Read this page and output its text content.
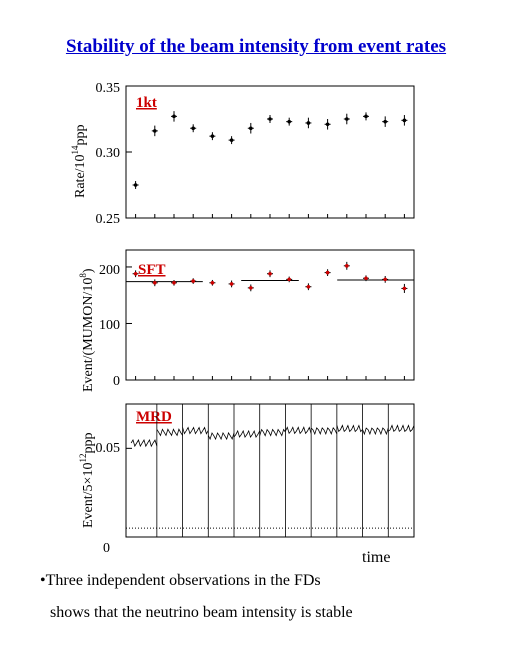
Stability of the beam intensity from event rates
1kt
0.25
0.30
0.35
Rate/$10^{14}ppp$
SFT
0
100
200
Event/$(MUMON/10^8)$
MRD
0
0.05
Event/$5\times 10^{12}ppp$
time
•Three independent observations in the FDs
shows that the neutrino beam intensity is stable
